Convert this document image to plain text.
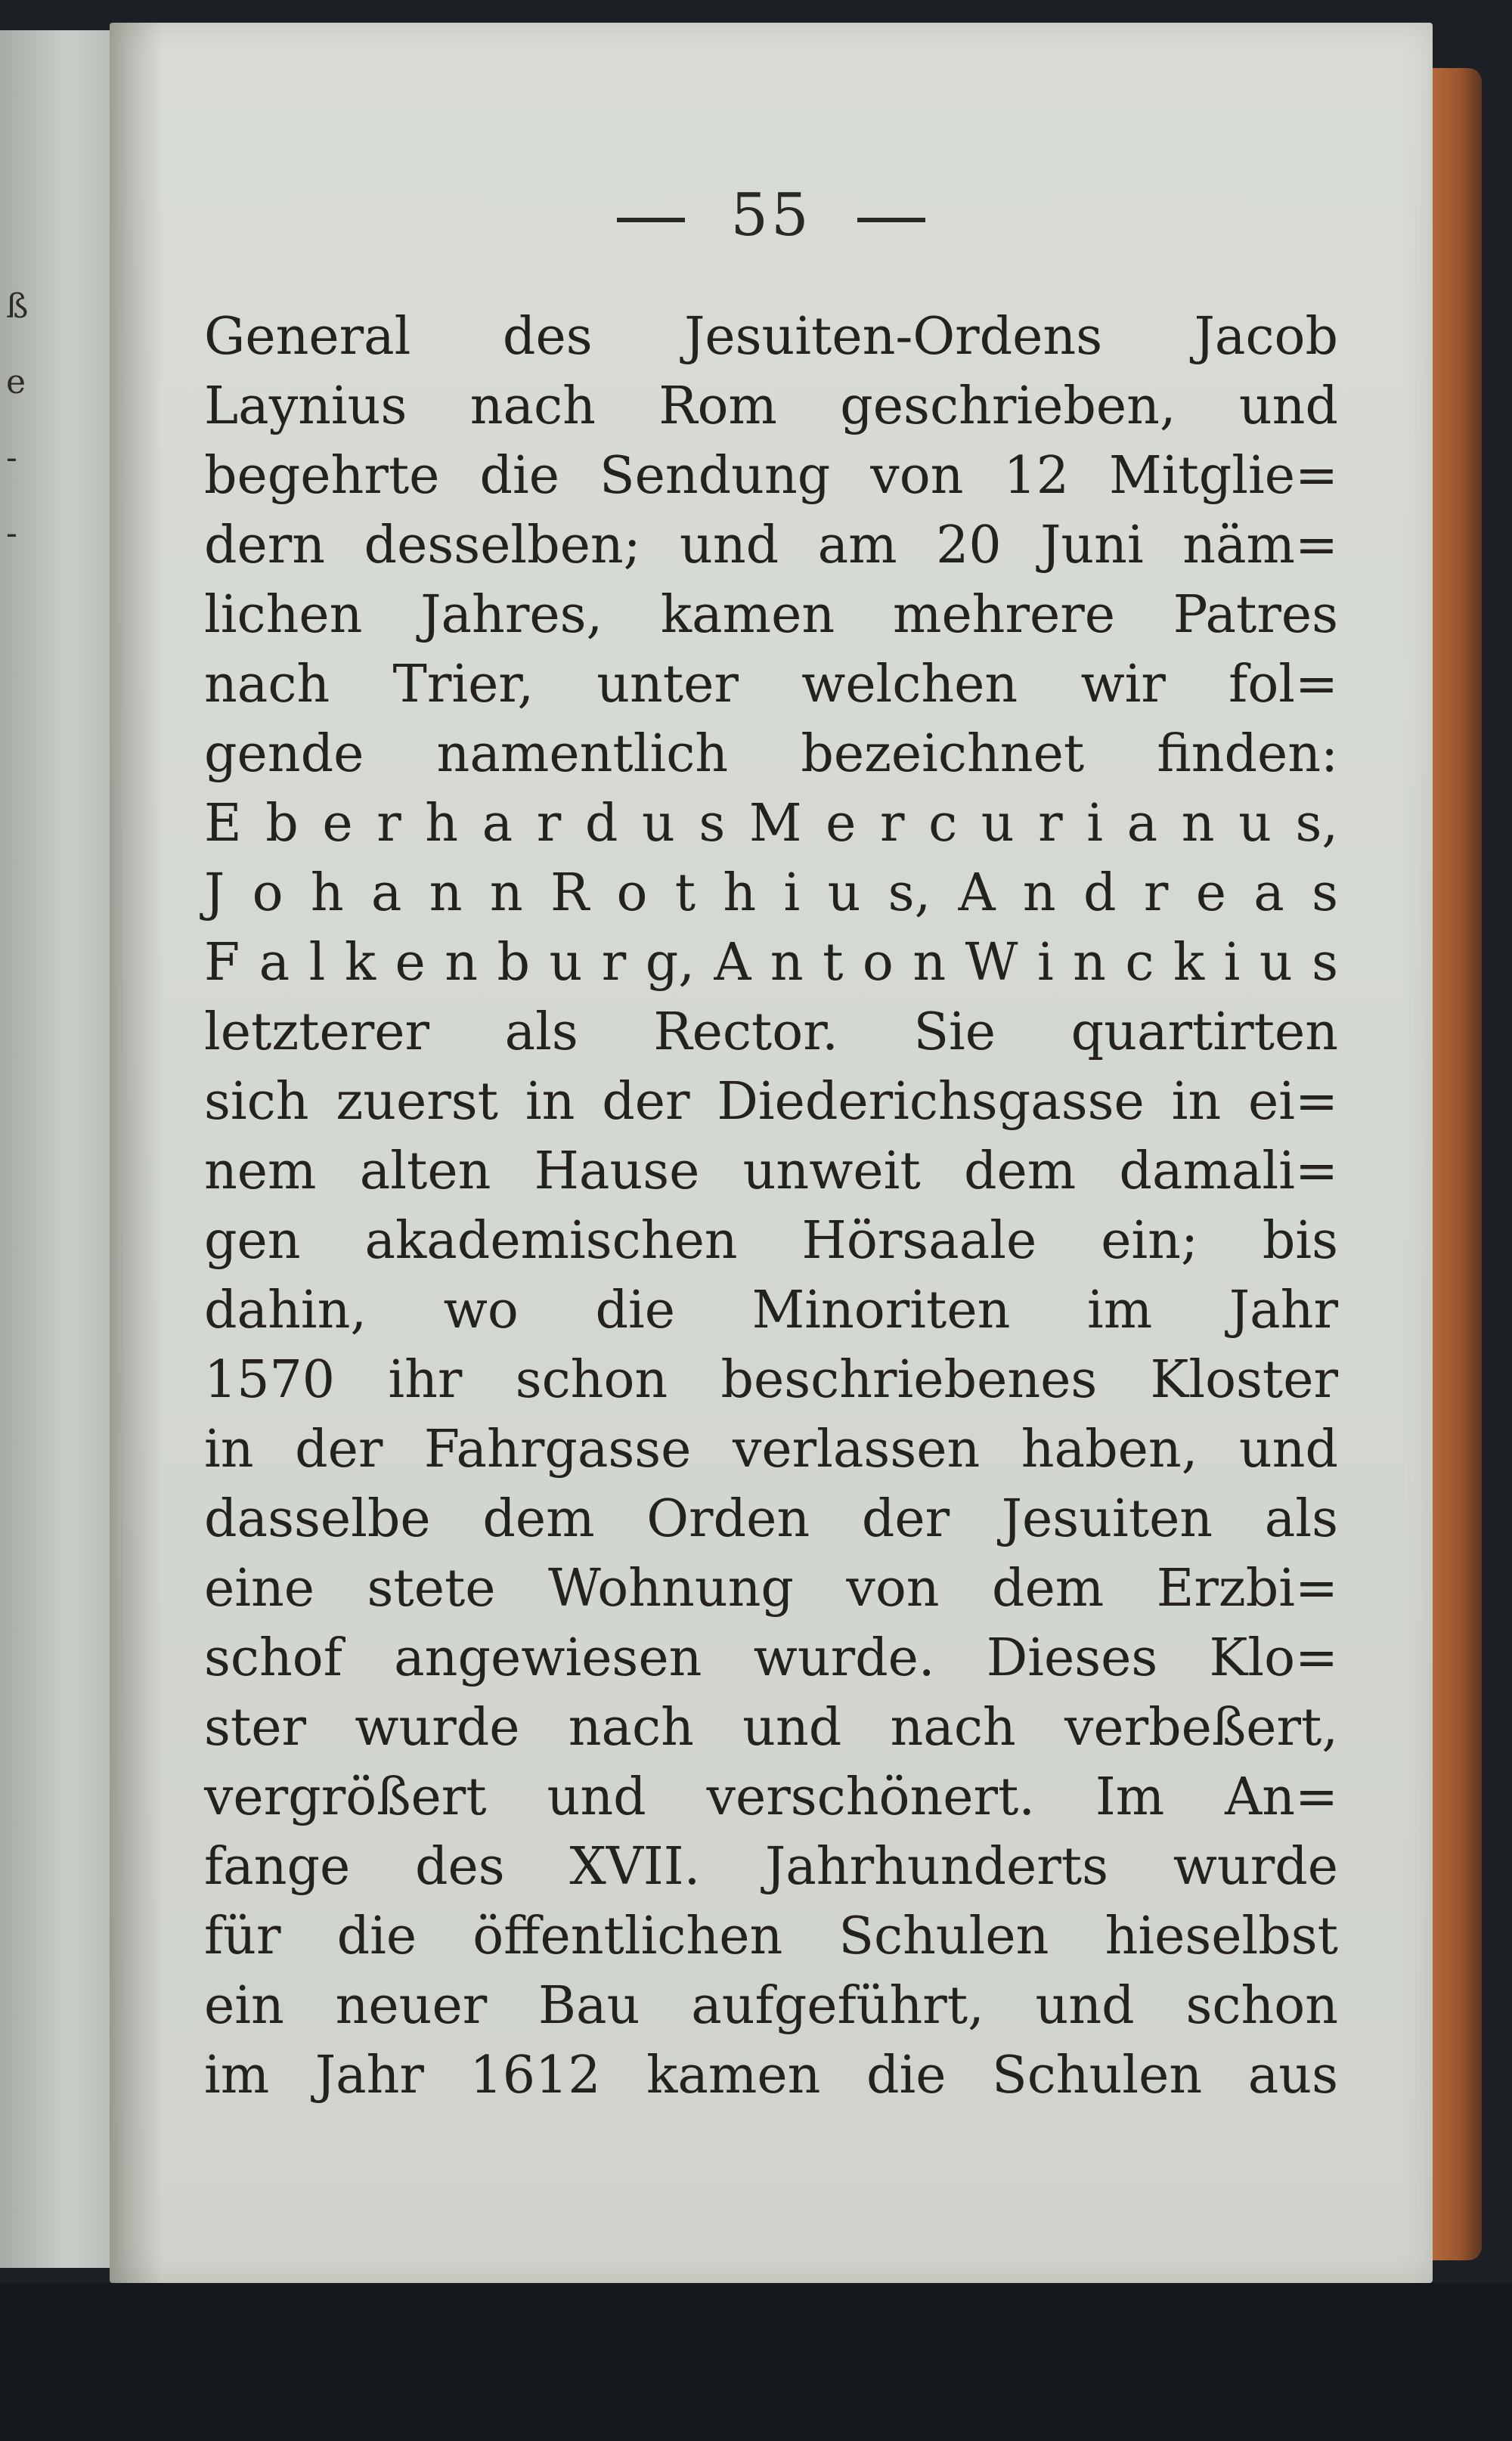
ß
e
-
-
55
General des Jesuiten-Ordens Jacob
Laynius nach Rom geschrieben, und
begehrte die Sendung von 12 Mitglie=
dern desselben; und am 20 Juni näm=
lichen Jahres, kamen mehrere Patres
nach Trier, unter welchen wir fol=
gende namentlich bezeichnet finden:
E b e r h a r d u s M e r c u r i a n u s,
J o h a n n R o t h i u s, A n d r e a s
F a l k e n b u r g, A n t o n W i n c k i u s
letzterer als Rector. Sie quartirten
sich zuerst in der Diederichsgasse in ei=
nem alten Hause unweit dem damali=
gen akademischen Hörsaale ein; bis
dahin, wo die Minoriten im Jahr
1570 ihr schon beschriebenes Kloster
in der Fahrgasse verlassen haben, und
dasselbe dem Orden der Jesuiten als
eine stete Wohnung von dem Erzbi=
schof angewiesen wurde. Dieses Klo=
ster wurde nach und nach verbeßert,
vergrößert und verschönert. Im An=
fange des XVII. Jahrhunderts wurde
für die öffentlichen Schulen hieselbst
ein neuer Bau aufgeführt, und schon
im Jahr 1612 kamen die Schulen aus
